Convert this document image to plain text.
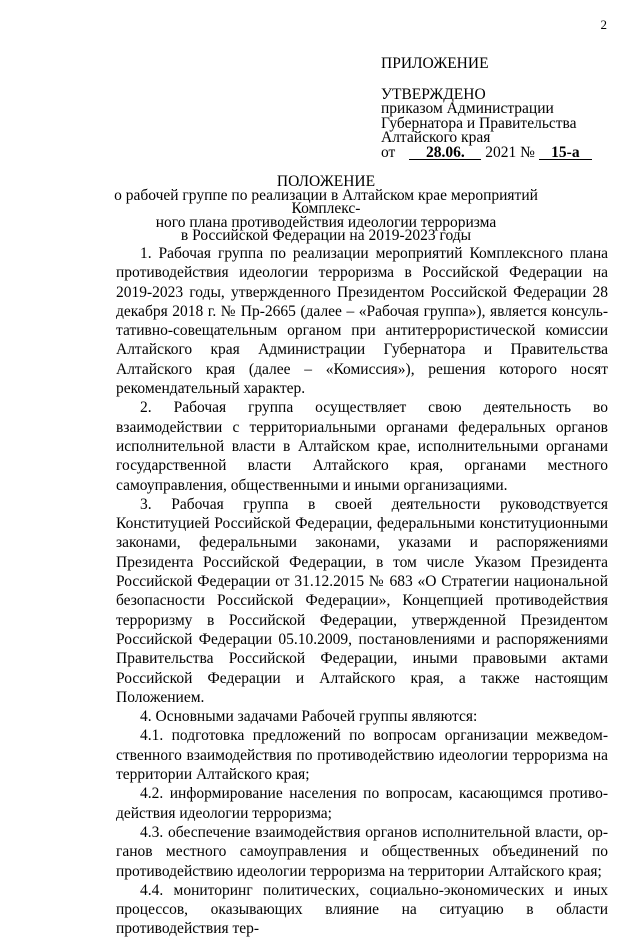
2
ПРИЛОЖЕНИЕ
УТВЕРЖДЕНО
приказом Администрации
Губернатора и Правительства
Алтайского края
от 28.06. 2021 № 15-а
ПОЛОЖЕНИЕ
о рабочей группе по реализации в Алтайском крае мероприятий Комплекс-
ного плана противодействия идеологии терроризма
в Российской Федерации на 2019-2023 годы

1. Рабочая группа по реализации мероприятий Комплексного плана противодействия идеологии терроризма в Российской Федерации на 2019-2023 годы, утвержденного Президентом Российской Федерации 28 декабря 2018 г. № Пр-2665 (далее – «Рабочая группа»), является консультативно-совещательным органом при антитеррористической комиссии Алтайского края Администрации Губернатора и Правительства Алтайского края (далее – «Комиссия»), решения которого носят рекомендательный характер.

2. Рабочая группа осуществляет свою деятельность во взаимодействии с территориальными органами федеральных органов исполнительной власти в Алтайском крае, исполнительными органами государственной власти Алтайского края, органами местного самоуправления, общественными и иными организациями.

3. Рабочая группа в своей деятельности руководствуется Конституцией Российской Федерации, федеральными конституционными законами, федеральными законами, указами и распоряжениями Президента Российской Федерации, в том числе Указом Президента Российской Федерации от 31.12.2015 № 683 «О Стратегии национальной безопасности Российской Федерации», Концепцией противодействия терроризму в Российской Федерации, утвержденной Президентом Российской Федерации 05.10.2009, постановлениями и распоряжениями Правительства Российской Федерации, иными правовыми актами Российской Федерации и Алтайского края, а также настоящим Положением.

4. Основными задачами Рабочей группы являются:

4.1. подготовка предложений по вопросам организации межведомственного взаимодействия по противодействию идеологии терроризма на территории Алтайского края;

4.2. информирование населения по вопросам, касающимся противодействия идеологии терроризма;

4.3. обеспечение взаимодействия органов исполнительной власти, органов местного самоуправления и общественных объединений по противодействию идеологии терроризма на территории Алтайского края;

4.4. мониторинг политических, социально-экономических и иных процессов, оказывающих влияние на ситуацию в области противодействия тер-
